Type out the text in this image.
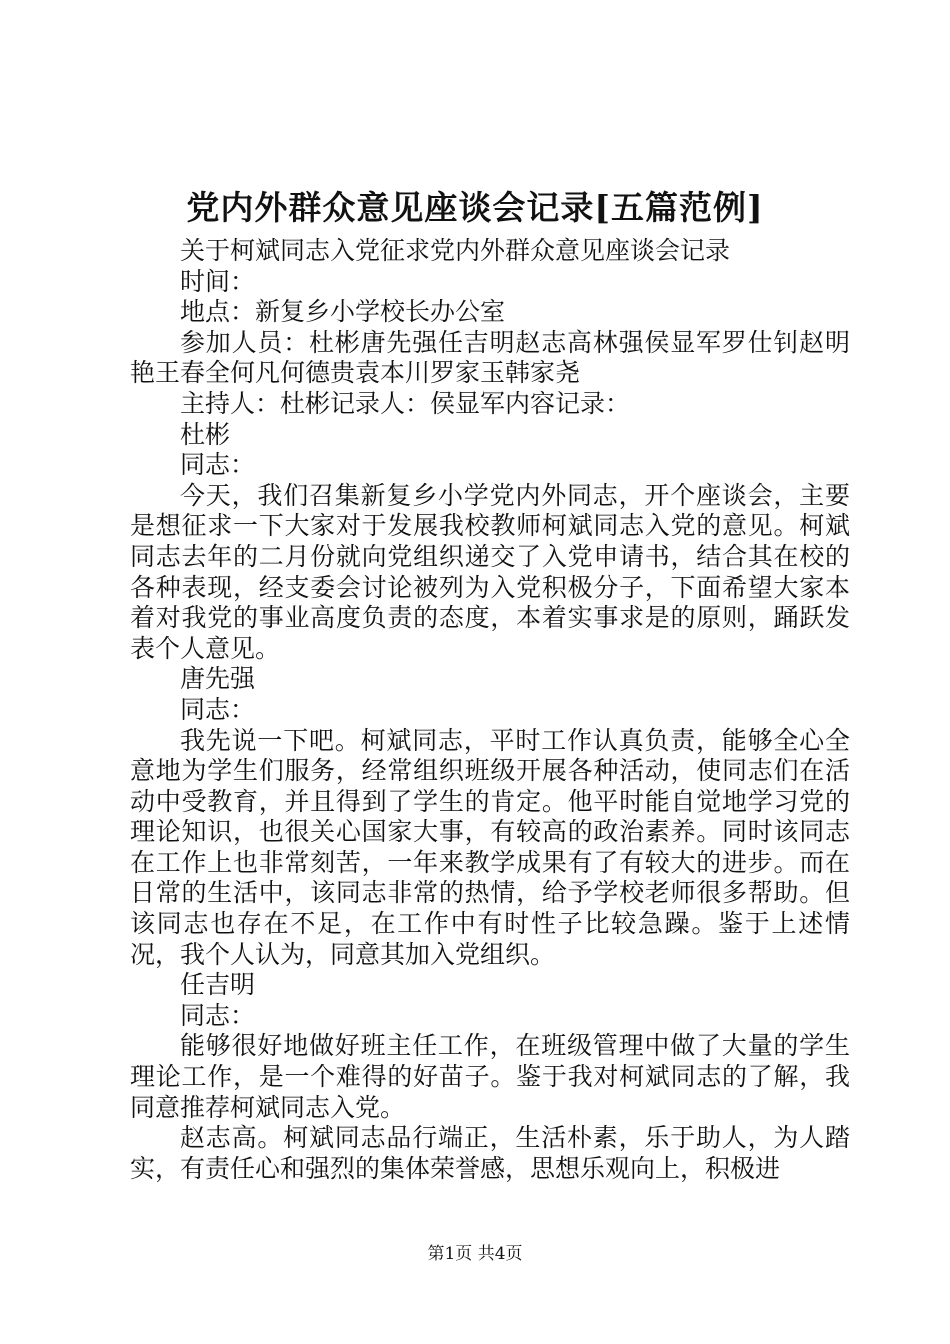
党内外群众意见座谈会记录[五篇范例]

关于柯斌同志入党征求党内外群众意见座谈会记录

时间：

地点：新复乡小学校长办公室

参加人员：杜彬唐先强任吉明赵志高林强侯显军罗仕钊赵明艳王春全何凡何德贵袁本川罗家玉韩家尧

主持人：杜彬记录人：侯显军内容记录：

杜彬

同志：

今天，我们召集新复乡小学党内外同志，开个座谈会，主要是想征求一下大家对于发展我校教师柯斌同志入党的意见。柯斌同志去年的二月份就向党组织递交了入党申请书，结合其在校的各种表现，经支委会讨论被列为入党积极分子，下面希望大家本着对我党的事业高度负责的态度，本着实事求是的原则，踊跃发表个人意见。

唐先强

同志：

我先说一下吧。柯斌同志，平时工作认真负责，能够全心全意地为学生们服务，经常组织班级开展各种活动，使同志们在活动中受教育，并且得到了学生的肯定。他平时能自觉地学习党的理论知识，也很关心国家大事，有较高的政治素养。同时该同志在工作上也非常刻苦，一年来教学成果有了有较大的进步。而在日常的生活中，该同志非常的热情，给予学校老师很多帮助。但该同志也存在不足，在工作中有时性子比较急躁。鉴于上述情况，我个人认为，同意其加入党组织。

任吉明

同志：

能够很好地做好班主任工作，在班级管理中做了大量的学生理论工作，是一个难得的好苗子。鉴于我对柯斌同志的了解，我同意推荐柯斌同志入党。

赵志高。柯斌同志品行端正，生活朴素，乐于助人，为人踏实，有责任心和强烈的集体荣誉感，思想乐观向上，积极进

第1页 共4页
